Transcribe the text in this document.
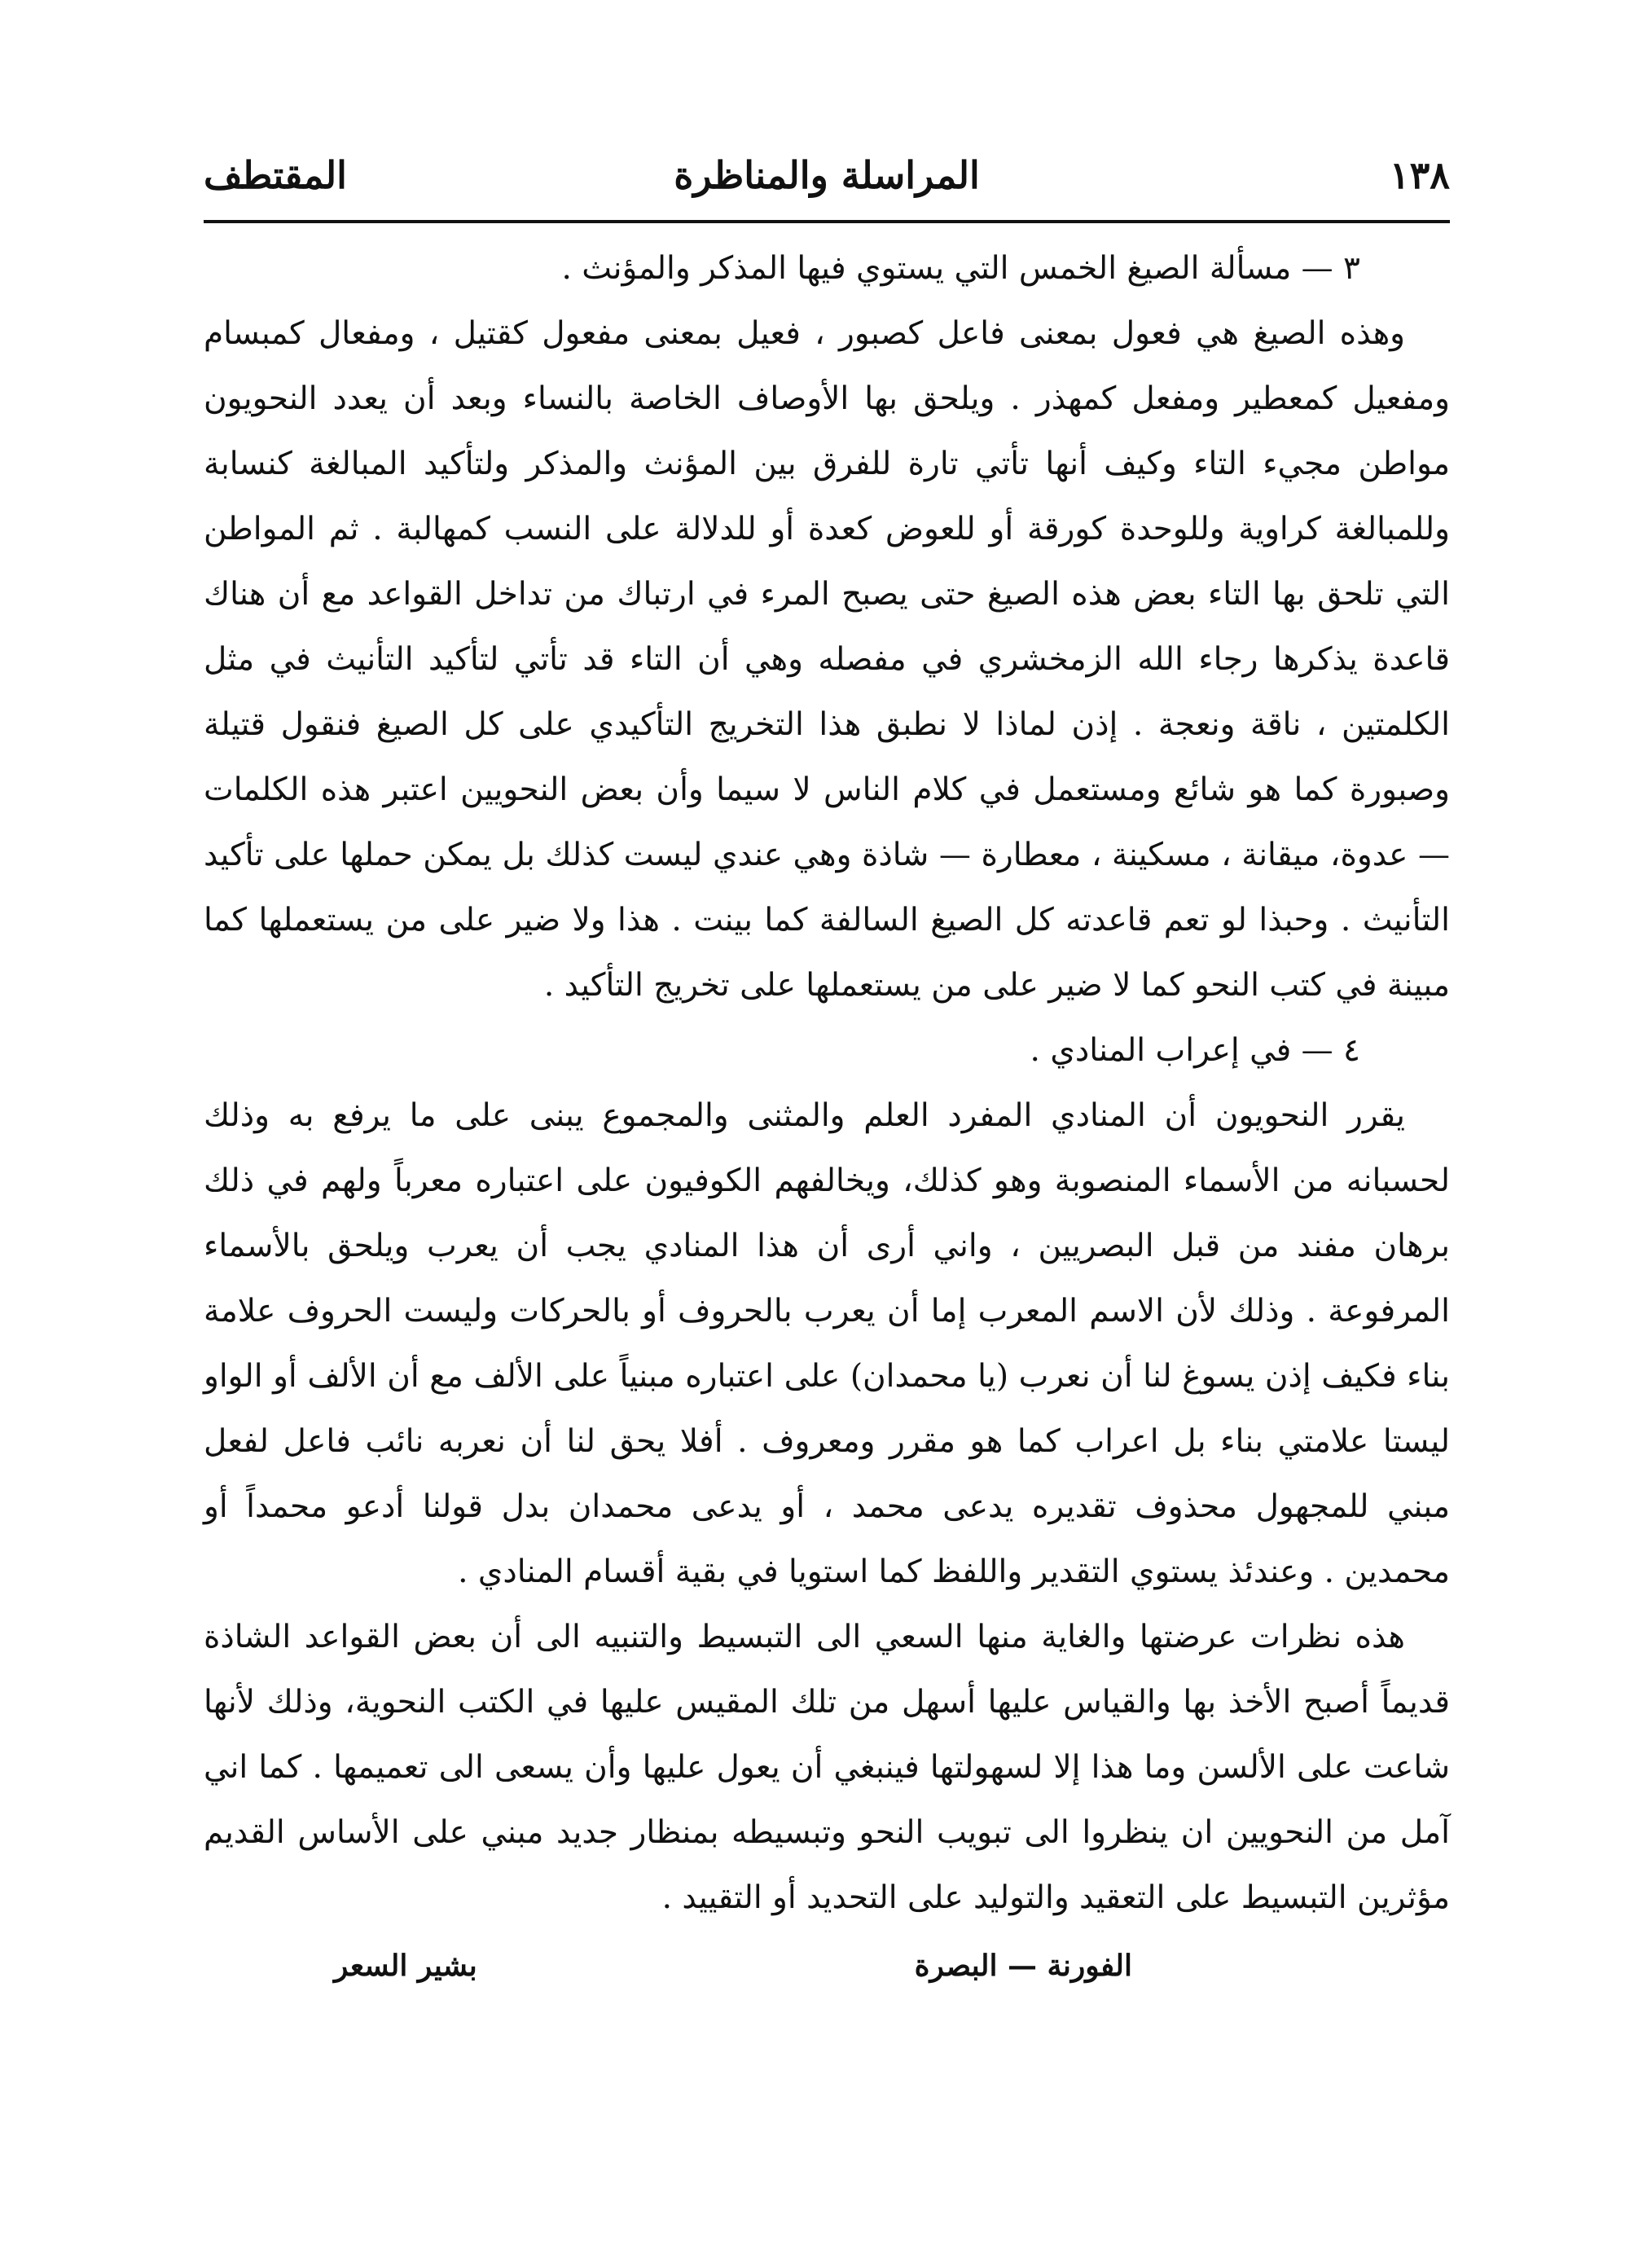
١٣٨
المراسلة والمناظرة
المقتطف

٣ — مسألة الصيغ الخمس التي يستوي فيها المذكر والمؤنث .

وهذه الصيغ هي فعول بمعنى فاعل كصبور ، فعيل بمعنى مفعول كقتيل ، ومفعال كمبسام ومفعيل كمعطير ومفعل كمهذر . ويلحق بها الأوصاف الخاصة بالنساء وبعد أن يعدد النحويون مواطن مجيء التاء وكيف أنها تأتي تارة للفرق بين المؤنث والمذكر ولتأكيد المبالغة كنسابة وللمبالغة كراوية وللوحدة كورقة أو للعوض كعدة أو للدلالة على النسب كمهالبة . ثم المواطن التي تلحق بها التاء بعض هذه الصيغ حتى يصبح المرء في ارتباك من تداخل القواعد مع أن هناك قاعدة يذكرها رجاء الله الزمخشري في مفصله وهي أن التاء قد تأتي لتأكيد التأنيث في مثل الكلمتين ، ناقة ونعجة . إذن لماذا لا نطبق هذا التخريج التأكيدي على كل الصيغ فنقول قتيلة وصبورة كما هو شائع ومستعمل في كلام الناس لا سيما وأن بعض النحويين اعتبر هذه الكلمات — عدوة، ميقانة ، مسكينة ، معطارة — شاذة وهي عندي ليست كذلك بل يمكن حملها على تأكيد التأنيث . وحبذا لو تعم قاعدته كل الصيغ السالفة كما بينت . هذا ولا ضير على من يستعملها كما مبينة في كتب النحو كما لا ضير على من يستعملها على تخريج التأكيد .

٤ — في إعراب المنادي .

يقرر النحويون أن المنادي المفرد العلم والمثنى والمجموع يبنى على ما يرفع به وذلك لحسبانه من الأسماء المنصوبة وهو كذلك، ويخالفهم الكوفيون على اعتباره معرباً ولهم في ذلك برهان مفند من قبل البصريين ، واني أرى أن هذا المنادي يجب أن يعرب ويلحق بالأسماء المرفوعة . وذلك لأن الاسم المعرب إما أن يعرب بالحروف أو بالحركات وليست الحروف علامة بناء فكيف إذن يسوغ لنا أن نعرب (يا محمدان) على اعتباره مبنياً على الألف مع أن الألف أو الواو ليستا علامتي بناء بل اعراب كما هو مقرر ومعروف . أفلا يحق لنا أن نعربه نائب فاعل لفعل مبني للمجهول محذوف تقديره يدعى محمد ، أو يدعى محمدان بدل قولنا أدعو محمداً أو محمدين . وعندئذ يستوي التقدير واللفظ كما استويا في بقية أقسام المنادي .

هذه نظرات عرضتها والغاية منها السعي الى التبسيط والتنبيه الى أن بعض القواعد الشاذة قديماً أصبح الأخذ بها والقياس عليها أسهل من تلك المقيس عليها في الكتب النحوية، وذلك لأنها شاعت على الألسن وما هذا إلا لسهولتها فينبغي أن يعول عليها وأن يسعى الى تعميمها . كما اني آمل من النحويين ان ينظروا الى تبويب النحو وتبسيطه بمنظار جديد مبني على الأساس القديم مؤثرين التبسيط على التعقيد والتوليد على التحديد أو التقييد .

الفورنة — البصرة
بشير السعر
